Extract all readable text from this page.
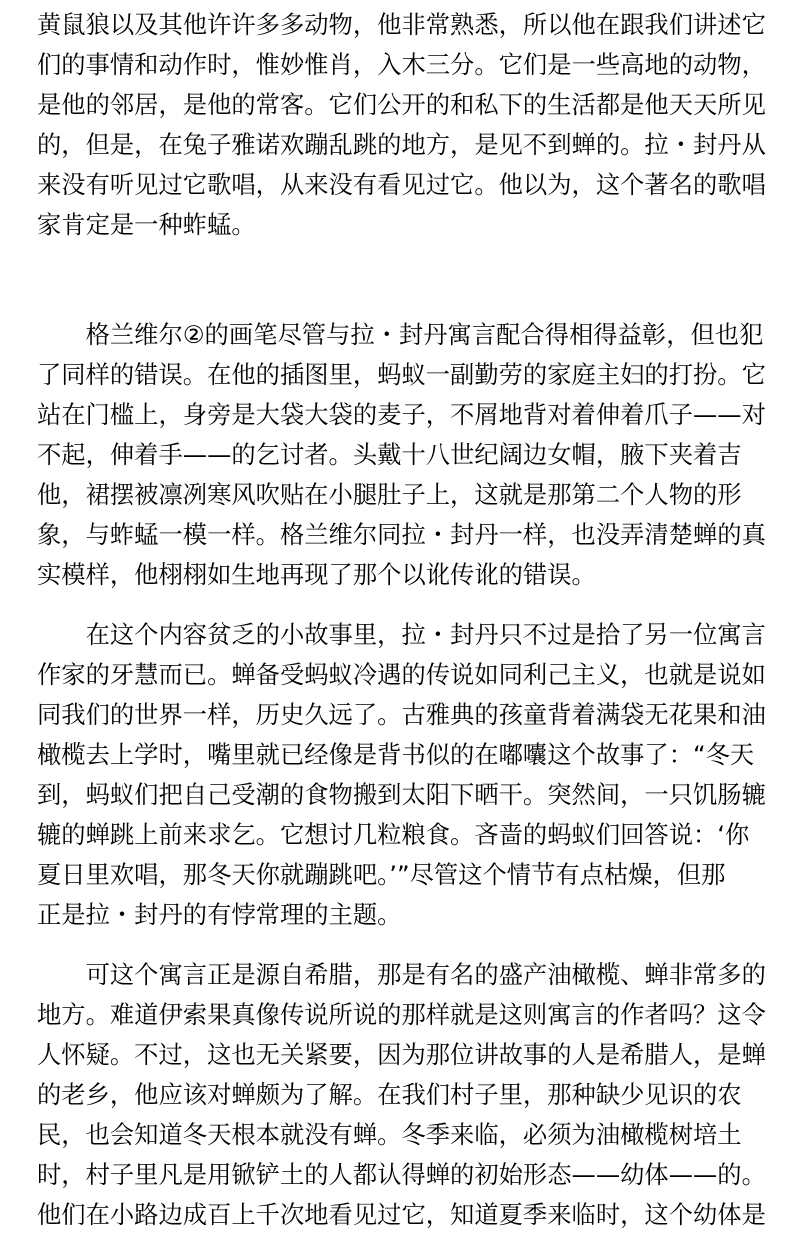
黄鼠狼以及其他许许多多动物，他非常熟悉，所以他在跟我们讲述它
们的事情和动作时，惟妙惟肖，入木三分。它们是一些高地的动物，
是他的邻居，是他的常客。它们公开的和私下的生活都是他天天所见
的，但是，在兔子雅诺欢蹦乱跳的地方，是见不到蝉的。拉・封丹从
来没有听见过它歌唱，从来没有看见过它。他以为，这个著名的歌唱
家肯定是一种蚱蜢。

　　格兰维尔②的画笔尽管与拉・封丹寓言配合得相得益彰，但也犯
了同样的错误。在他的插图里，蚂蚁一副勤劳的家庭主妇的打扮。它
站在门槛上，身旁是大袋大袋的麦子，不屑地背对着伸着爪子——对
不起，伸着手——的乞讨者。头戴十八世纪阔边女帽，腋下夹着吉
他，裙摆被凛冽寒风吹贴在小腿肚子上，这就是那第二个人物的形
象，与蚱蜢一模一样。格兰维尔同拉・封丹一样，也没弄清楚蝉的真
实模样，他栩栩如生地再现了那个以讹传讹的错误。

　　在这个内容贫乏的小故事里，拉・封丹只不过是拾了另一位寓言
作家的牙慧而已。蝉备受蚂蚁冷遇的传说如同利己主义，也就是说如
同我们的世界一样，历史久远了。古雅典的孩童背着满袋无花果和油
橄榄去上学时，嘴里就已经像是背书似的在嘟囔这个故事了：“冬天
到，蚂蚁们把自己受潮的食物搬到太阳下晒干。突然间，一只饥肠辘
辘的蝉跳上前来求乞。它想讨几粒粮食。吝啬的蚂蚁们回答说：‘你
夏日里欢唱，那冬天你就蹦跳吧。’”尽管这个情节有点枯燥，但那
正是拉・封丹的有悖常理的主题。

　　可这个寓言正是源自希腊，那是有名的盛产油橄榄、蝉非常多的
地方。难道伊索果真像传说所说的那样就是这则寓言的作者吗？这令
人怀疑。不过，这也无关紧要，因为那位讲故事的人是希腊人，是蝉
的老乡，他应该对蝉颇为了解。在我们村子里，那种缺少见识的农
民，也会知道冬天根本就没有蝉。冬季来临，必须为油橄榄树培土
时，村子里凡是用锨铲土的人都认得蝉的初始形态——幼体——的。
他们在小路边成百上千次地看见过它，知道夏季来临时，这个幼体是
